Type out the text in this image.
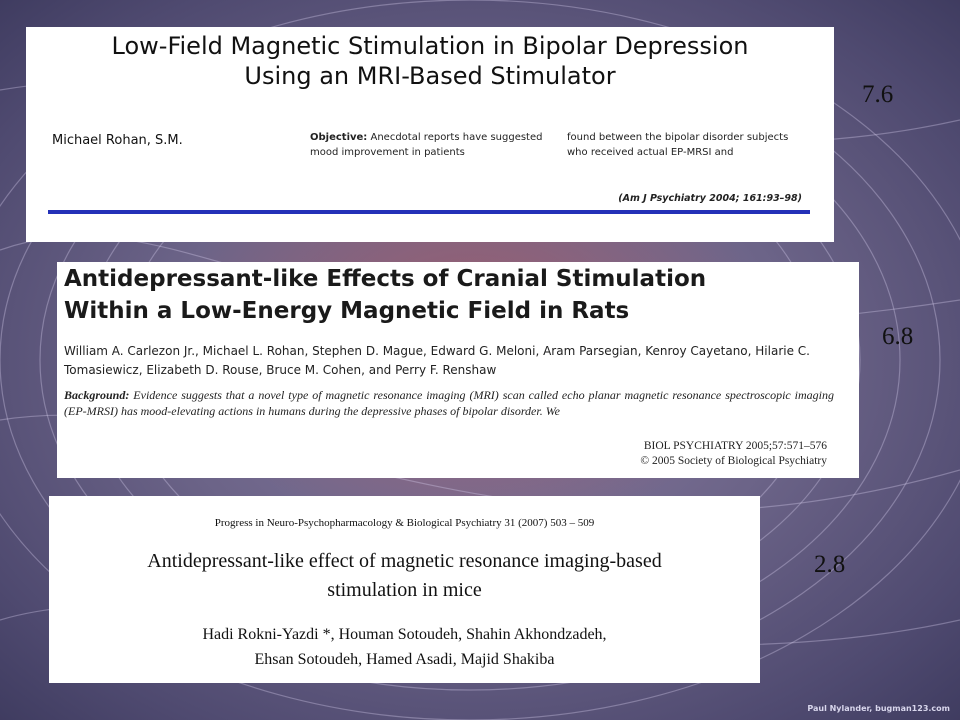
Low-Field Magnetic Stimulation in Bipolar Depression
Using an MRI-Based Stimulator
Michael Rohan, S.M.	Objective: Anecdotal reports have suggested mood improvement in patients
found between the bipolar disorder subjects who received actual EP-MRSI and
(Am J Psychiatry 2004; 161:93–98)
Antidepressant-like Effects of Cranial Stimulation
Within a Low-Energy Magnetic Field in Rats
William A. Carlezon Jr., Michael L. Rohan, Stephen D. Mague, Edward G. Meloni, Aram Parsegian, Kenroy Cayetano, Hilarie C. Tomasiewicz, Elizabeth D. Rouse, Bruce M. Cohen, and Perry F. Renshaw
Background: Evidence suggests that a novel type of magnetic resonance imaging (MRI) scan called echo planar magnetic resonance spectroscopic imaging (EP-MRSI) has mood-elevating actions in humans during the depressive phases of bipolar disorder. We
BIOL PSYCHIATRY 2005;57:571–576
© 2005 Society of Biological Psychiatry
Progress in Neuro-Psychopharmacology & Biological Psychiatry 31 (2007) 503 – 509
Antidepressant-like effect of magnetic resonance imaging-based
stimulation in mice
Hadi Rokni-Yazdi *, Houman Sotoudeh, Shahin Akhondzadeh,
Ehsan Sotoudeh, Hamed Asadi, Majid Shakiba
7.6
6.8
2.8
Paul Nylander, bugman123.com
